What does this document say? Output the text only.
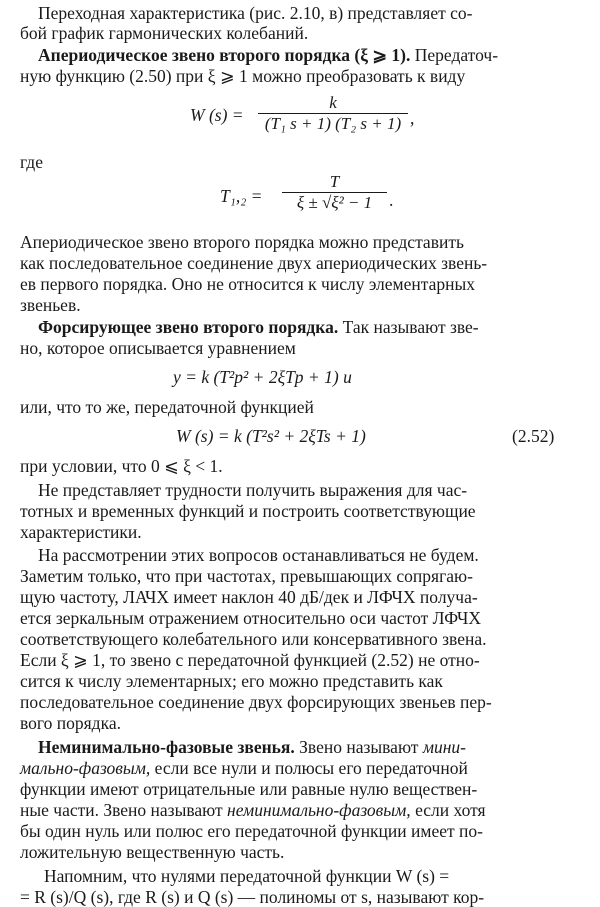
Переходная характеристика (рис. 2.10, в) представляет со-

бой график гармонических колебаний.

Апериодическое звено второго порядка (ξ ⩾ 1). Передаточ-

ную функцию (2.50) при ξ ⩾ 1 можно преобразовать к виду

W (s) =
k
(T₁ s + 1) (T₂ s + 1) ,

где

T₁,₂ =
T
ξ ± √ξ² − 1 .

Апериодическое звено второго порядка можно представить

как последовательное соединение двух апериодических звень-

ев первого порядка. Оно не относится к числу элементарных

звеньев.

Форсирующее звено второго порядка. Так называют зве-

но, которое описывается уравнением

y = k (T²p² + 2ξTp + 1) u

или, что то же, передаточной функцией

W (s) = k (T²s² + 2ξTs + 1)	(2.52)

при условии, что 0 ⩽ ξ < 1.

Не представляет трудности получить выражения для час-

тотных и временных функций и построить соответствующие

характеристики.

На рассмотрении этих вопросов останавливаться не будем.

Заметим только, что при частотах, превышающих сопрягаю-

щую частоту, ЛАЧХ имеет наклон 40 дБ/дек и ЛФЧХ получа-

ется зеркальным отражением относительно оси частот ЛФЧХ

соответствующего колебательного или консервативного звена.

Если ξ ⩾ 1, то звено с передаточной функцией (2.52) не отно-

сится к числу элементарных; его можно представить как

последовательное соединение двух форсирующих звеньев пер-

вого порядка.

Неминимально-фазовые звенья. Звено называют мини-

мально-фазовым, если все нули и полюсы его передаточной

функции имеют отрицательные или равные нулю веществен-

ные части. Звено называют неминимально-фазовым, если хотя

бы один нуль или полюс его передаточной функции имеет по-

ложительную вещественную часть.

Напомним, что нулями передаточной функции W (s) =

= R (s)/Q (s), где R (s) и Q (s) — полиномы от s, называют кор-
